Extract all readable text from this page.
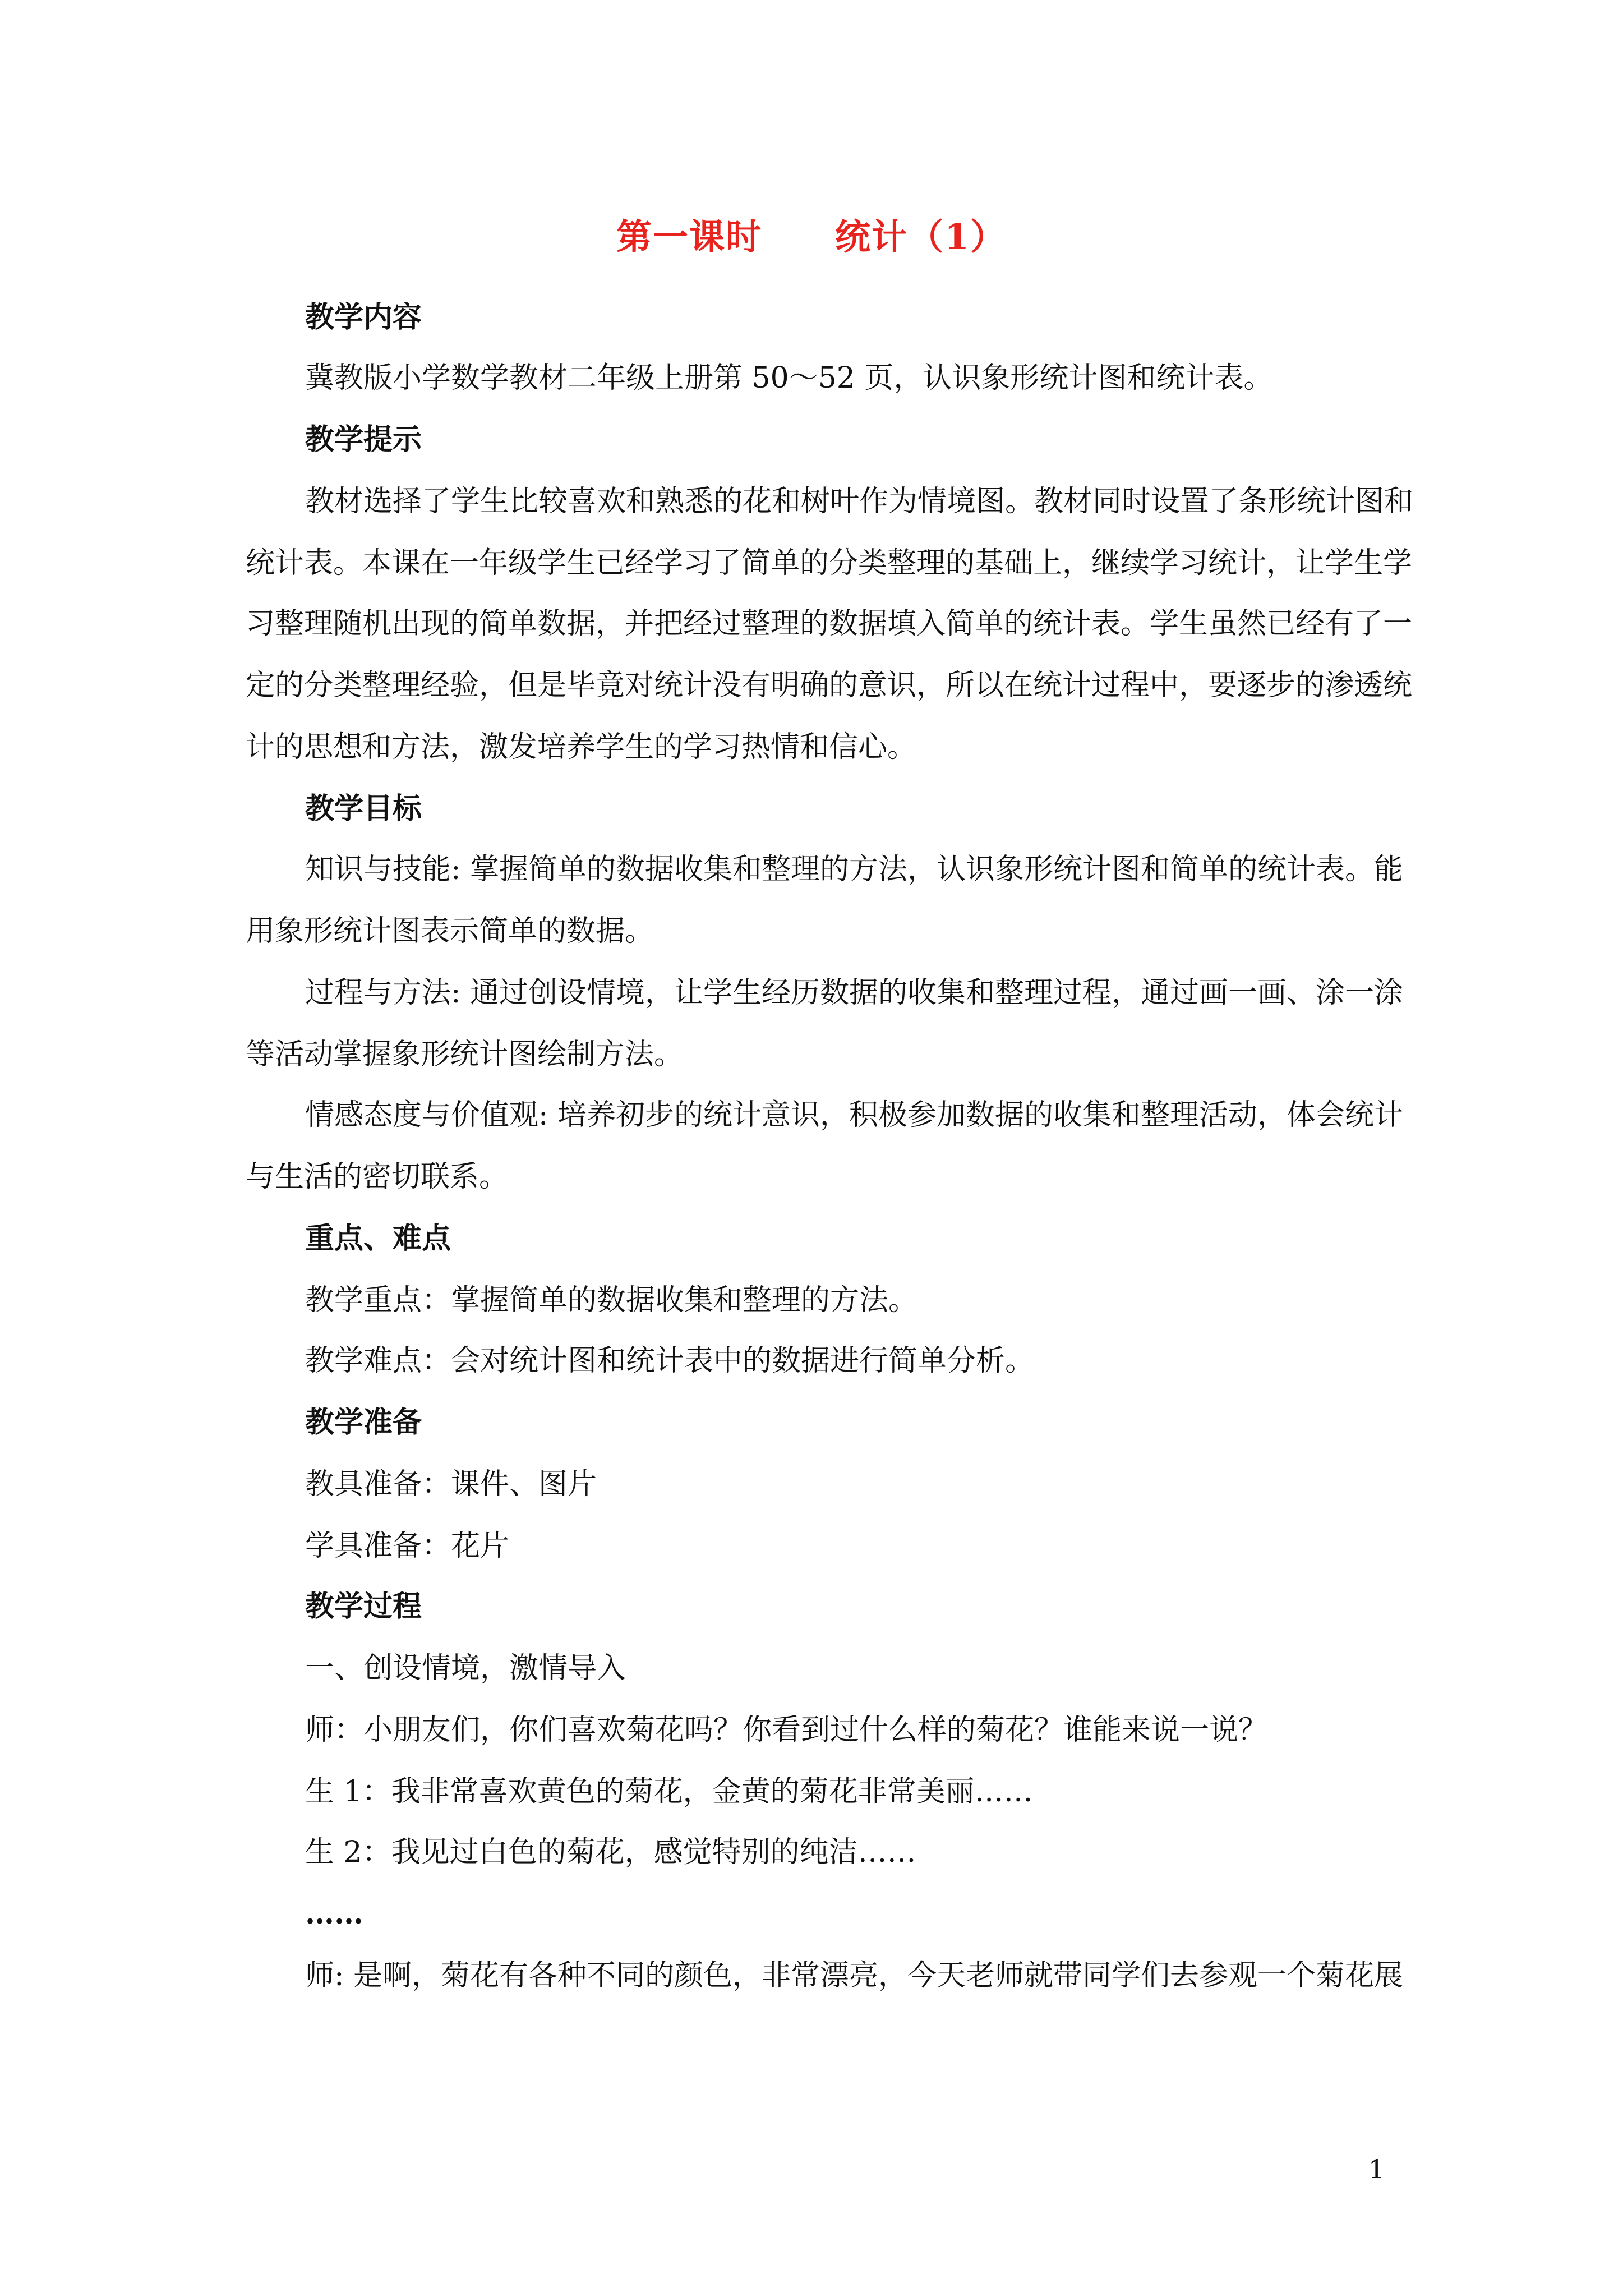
第一课时　　统计（1）
教学内容
冀教版小学数学教材二年级上册第 50～52 页，认识象形统计图和统计表。
教学提示
教材选择了学生比较喜欢和熟悉的花和树叶作为情境图。教材同时设置了条形统计图和
统计表。本课在一年级学生已经学习了简单的分类整理的基础上，继续学习统计，让学生学
习整理随机出现的简单数据，并把经过整理的数据填入简单的统计表。学生虽然已经有了一
定的分类整理经验，但是毕竟对统计没有明确的意识，所以在统计过程中，要逐步的渗透统
计的思想和方法，激发培养学生的学习热情和信心。
教学目标
知识与技能: 掌握简单的数据收集和整理的方法，认识象形统计图和简单的统计表。能
用象形统计图表示简单的数据。
过程与方法: 通过创设情境，让学生经历数据的收集和整理过程，通过画一画、涂一涂
等活动掌握象形统计图绘制方法。
情感态度与价值观: 培养初步的统计意识，积极参加数据的收集和整理活动，体会统计
与生活的密切联系。
重点、难点
教学重点：掌握简单的数据收集和整理的方法。
教学难点：会对统计图和统计表中的数据进行简单分析。
教学准备
教具准备：课件、图片
学具准备：花片
教学过程
一、创设情境，激情导入
师：小朋友们，你们喜欢菊花吗？你看到过什么样的菊花？谁能来说一说？
生 1：我非常喜欢黄色的菊花，金黄的菊花非常美丽……
生 2：我见过白色的菊花，感觉特别的纯洁……
……
师: 是啊，菊花有各种不同的颜色，非常漂亮，今天老师就带同学们去参观一个菊花展
1
